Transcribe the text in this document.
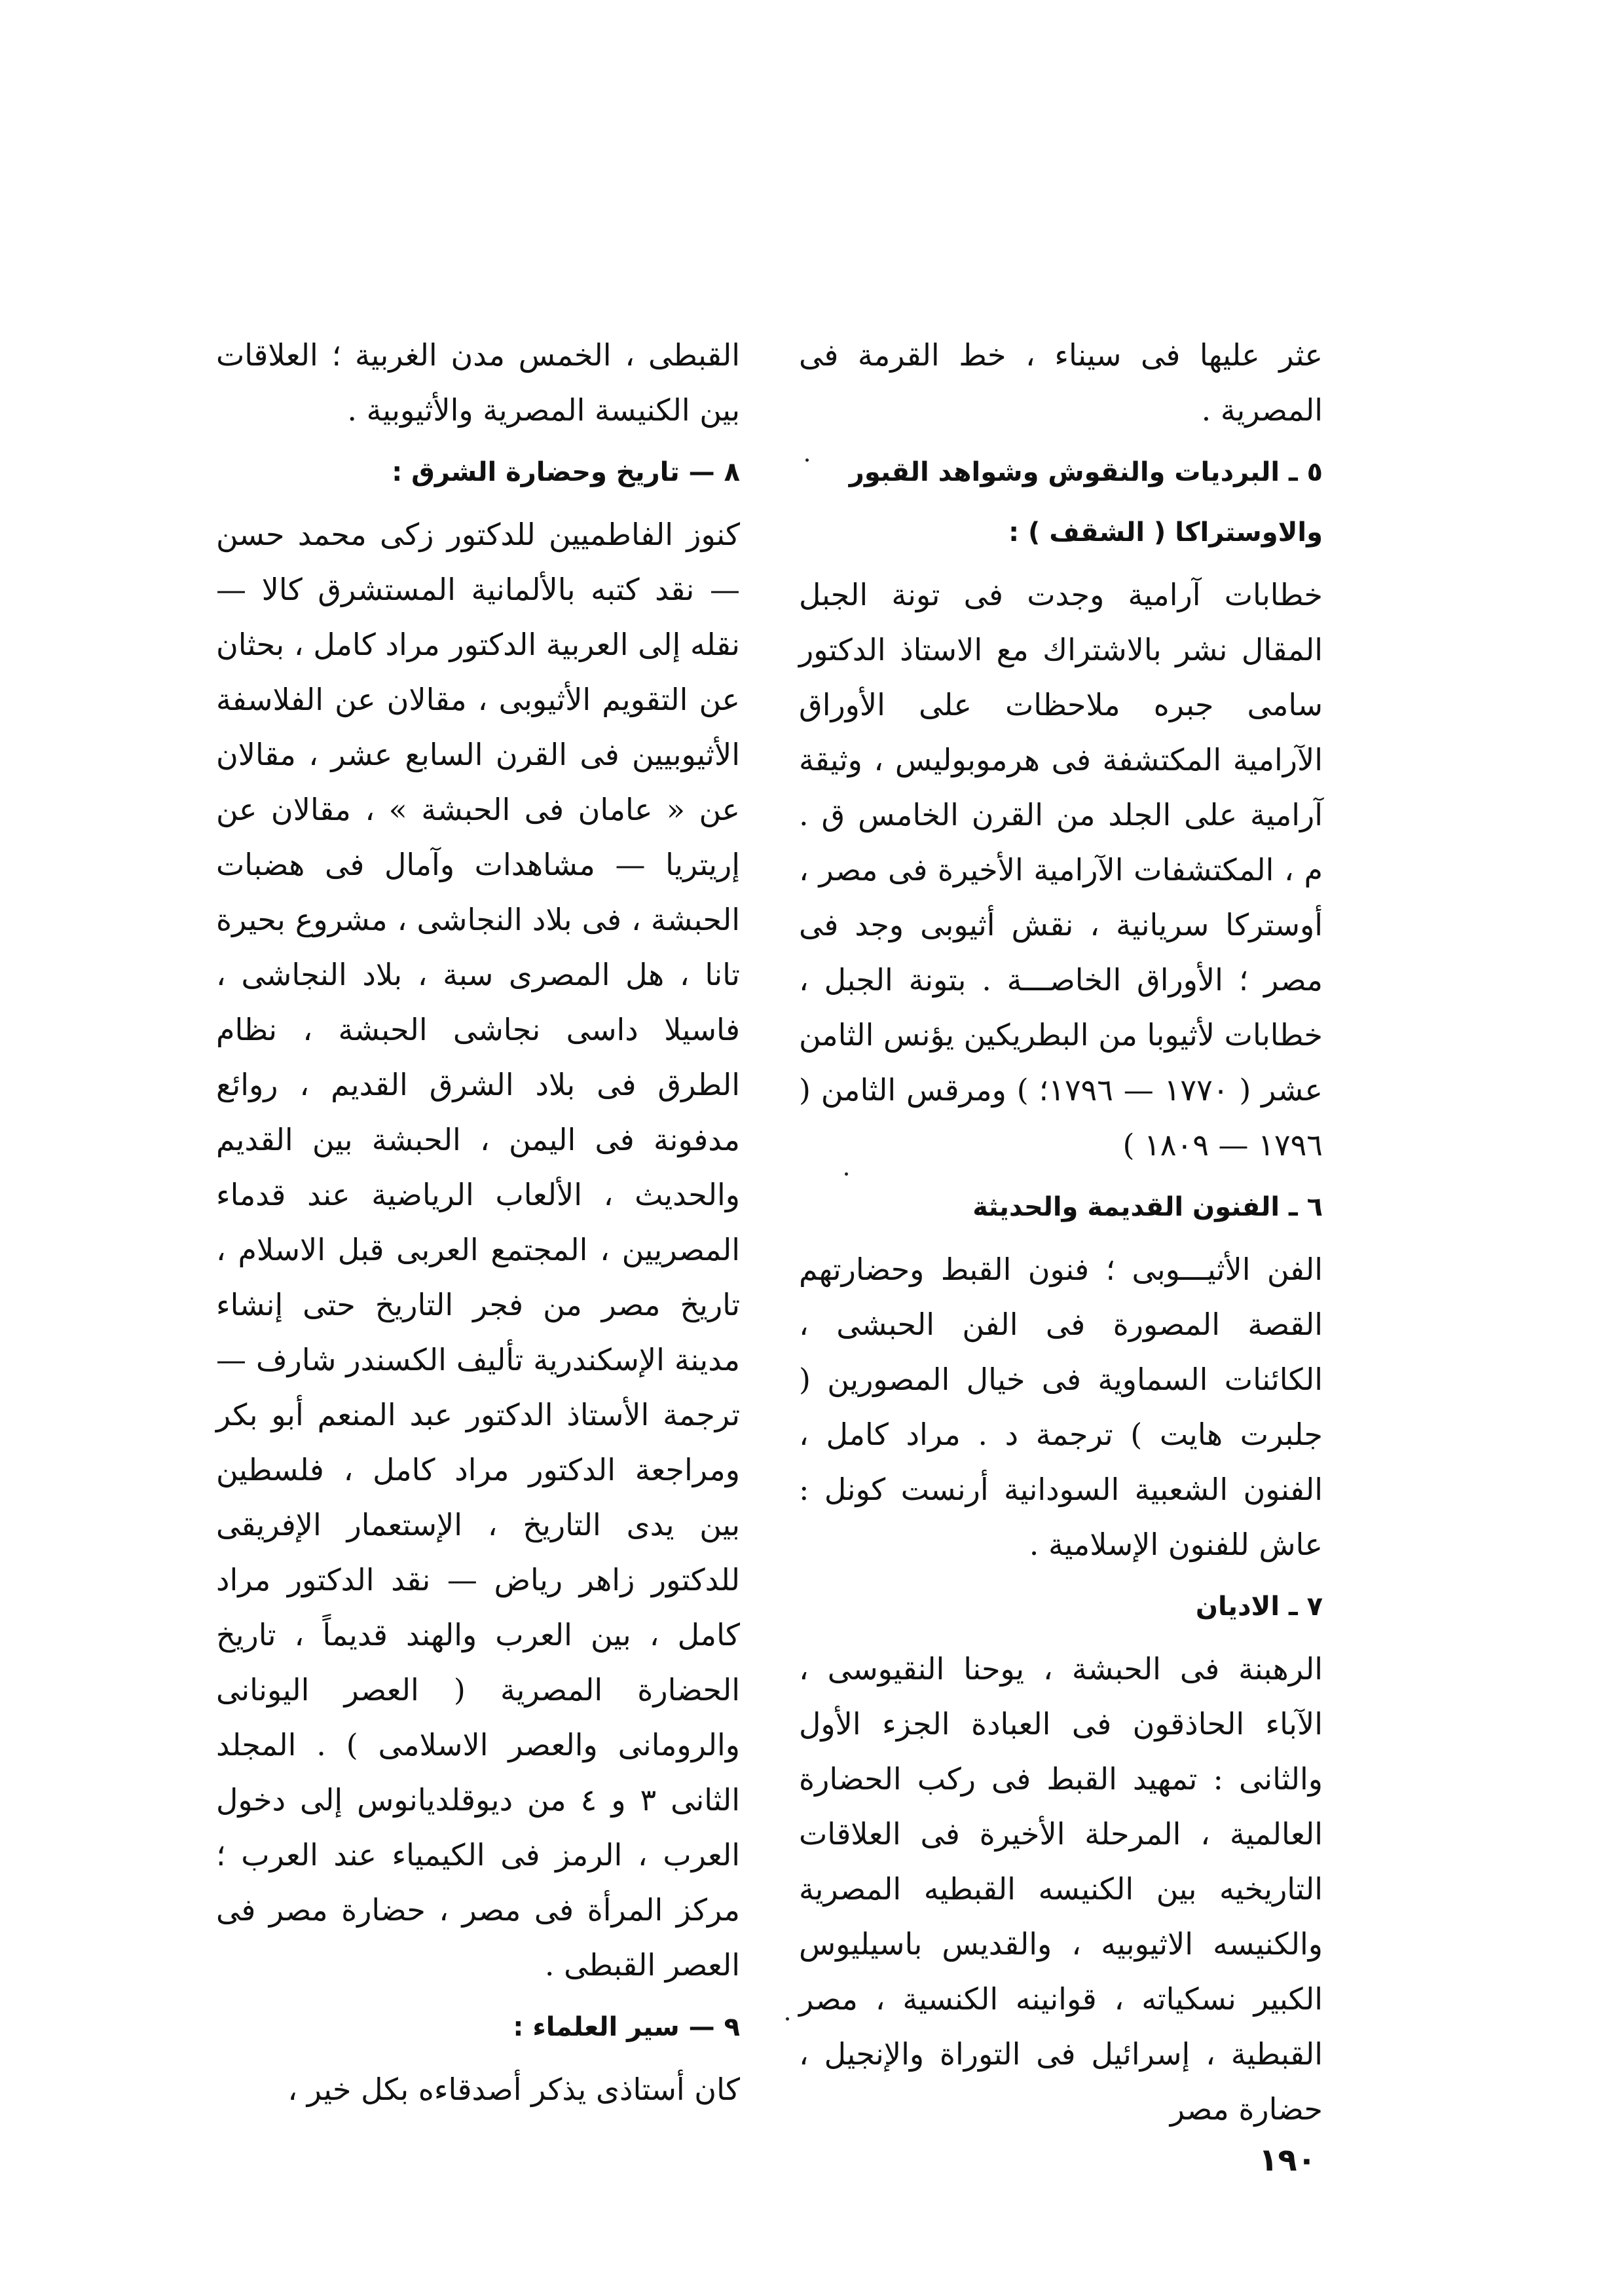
عثر عليها فى سيناء ، خط القرمة فى المصرية .

٥ ـ البرديات والنقوش وشواهد القبور
والاوستراكا ( الشقف ) :

خطابات آرامية وجدت فى تونة الجبل المقال نشر بالاشتراك مع الاستاذ الدكتور سامى جبره ملاحظات على الأوراق الآرامية المكتشفة فى هرموبوليس ، وثيقة آرامية على الجلد من القرن الخامس ق . م ، المكتشفات الآرامية الأخيرة فى مصر ، أوستركا سريانية ، نقش أثيوبى وجد فى مصر ؛ الأوراق الخاصـــة . بتونة الجبل ، خطابات لأثيوبا من البطريكين يؤنس الثامن عشر ( ١٧٧٠ — ١٧٩٦؛ ) ومرقس الثامن ( ١٧٩٦ — ١٨٠٩ )

٦ ـ الفنون القديمة والحديثة

الفن الأثيـــوبى ؛ فنون القبط وحضارتهم القصة المصورة فى الفن الحبشى ، الكائنات السماوية فى خيال المصورين ( جلبرت هايت ) ترجمة د . مراد كامل ، الفنون الشعبية السودانية أرنست كونل : عاش للفنون الإسلامية .

٧ ـ الاديان

الرهبنة فى الحبشة ، يوحنا النقيوسى ، الآباء الحاذقون فى العبادة الجزء الأول والثانى : تمهيد القبط فى ركب الحضارة العالمية ، المرحلة الأخيرة فى العلاقات التاريخيه بين الكنيسه القبطيه المصرية والكنيسه الاثيوبيه ، والقديس باسيليوس الكبير نسكياته ، قوانينه الكنسية ، مصر القبطية ، إسرائيل فى التوراة والإنجيل ، حضارة مصر

القبطى ، الخمس مدن الغربية ؛ العلاقات بين الكنيسة المصرية والأثيوبية .

٨ — تاريخ وحضارة الشرق :

كنوز الفاطميين للدكتور زكى محمد حسن — نقد كتبه بالألمانية المستشرق كالا — نقله إلى العربية الدكتور مراد كامل ، بحثان عن التقويم الأثيوبى ، مقالان عن الفلاسفة الأثيوبيين فى القرن السابع عشر ، مقالان عن « عامان فى الحبشة » ، مقالان عن إريتريا — مشاهدات وآمال فى هضبات الحبشة ، فى بلاد النجاشى ، مشروع بحيرة تانا ، هل المصرى سبة ، بلاد النجاشى ، فاسيلا داسى نجاشى الحبشة ، نظام الطرق فى بلاد الشرق القديم ، روائع مدفونة فى اليمن ، الحبشة بين القديم والحديث ، الألعاب الرياضية عند قدماء المصريين ، المجتمع العربى قبل الاسلام ، تاريخ مصر من فجر التاريخ حتى إنشاء مدينة الإسكندرية تأليف الكسندر شارف — ترجمة الأستاذ الدكتور عبد المنعم أبو بكر ومراجعة الدكتور مراد كامل ، فلسطين بين يدى التاريخ ، الإستعمار الإفريقى للدكتور زاهر رياض — نقد الدكتور مراد كامل ، بين العرب والهند قديماً ، تاريخ الحضارة المصرية ( العصر اليونانى والرومانى والعصر الاسلامى ) . المجلد الثانى ٣ و ٤ من ديوقلديانوس إلى دخول العرب ، الرمز فى الكيمياء عند العرب ؛ مركز المرأة فى مصر ، حضارة مصر فى العصر القبطى .

٩ — سير العلماء :

كان أستاذى يذكر أصدقاءه بكل خير ،

١٩٠
